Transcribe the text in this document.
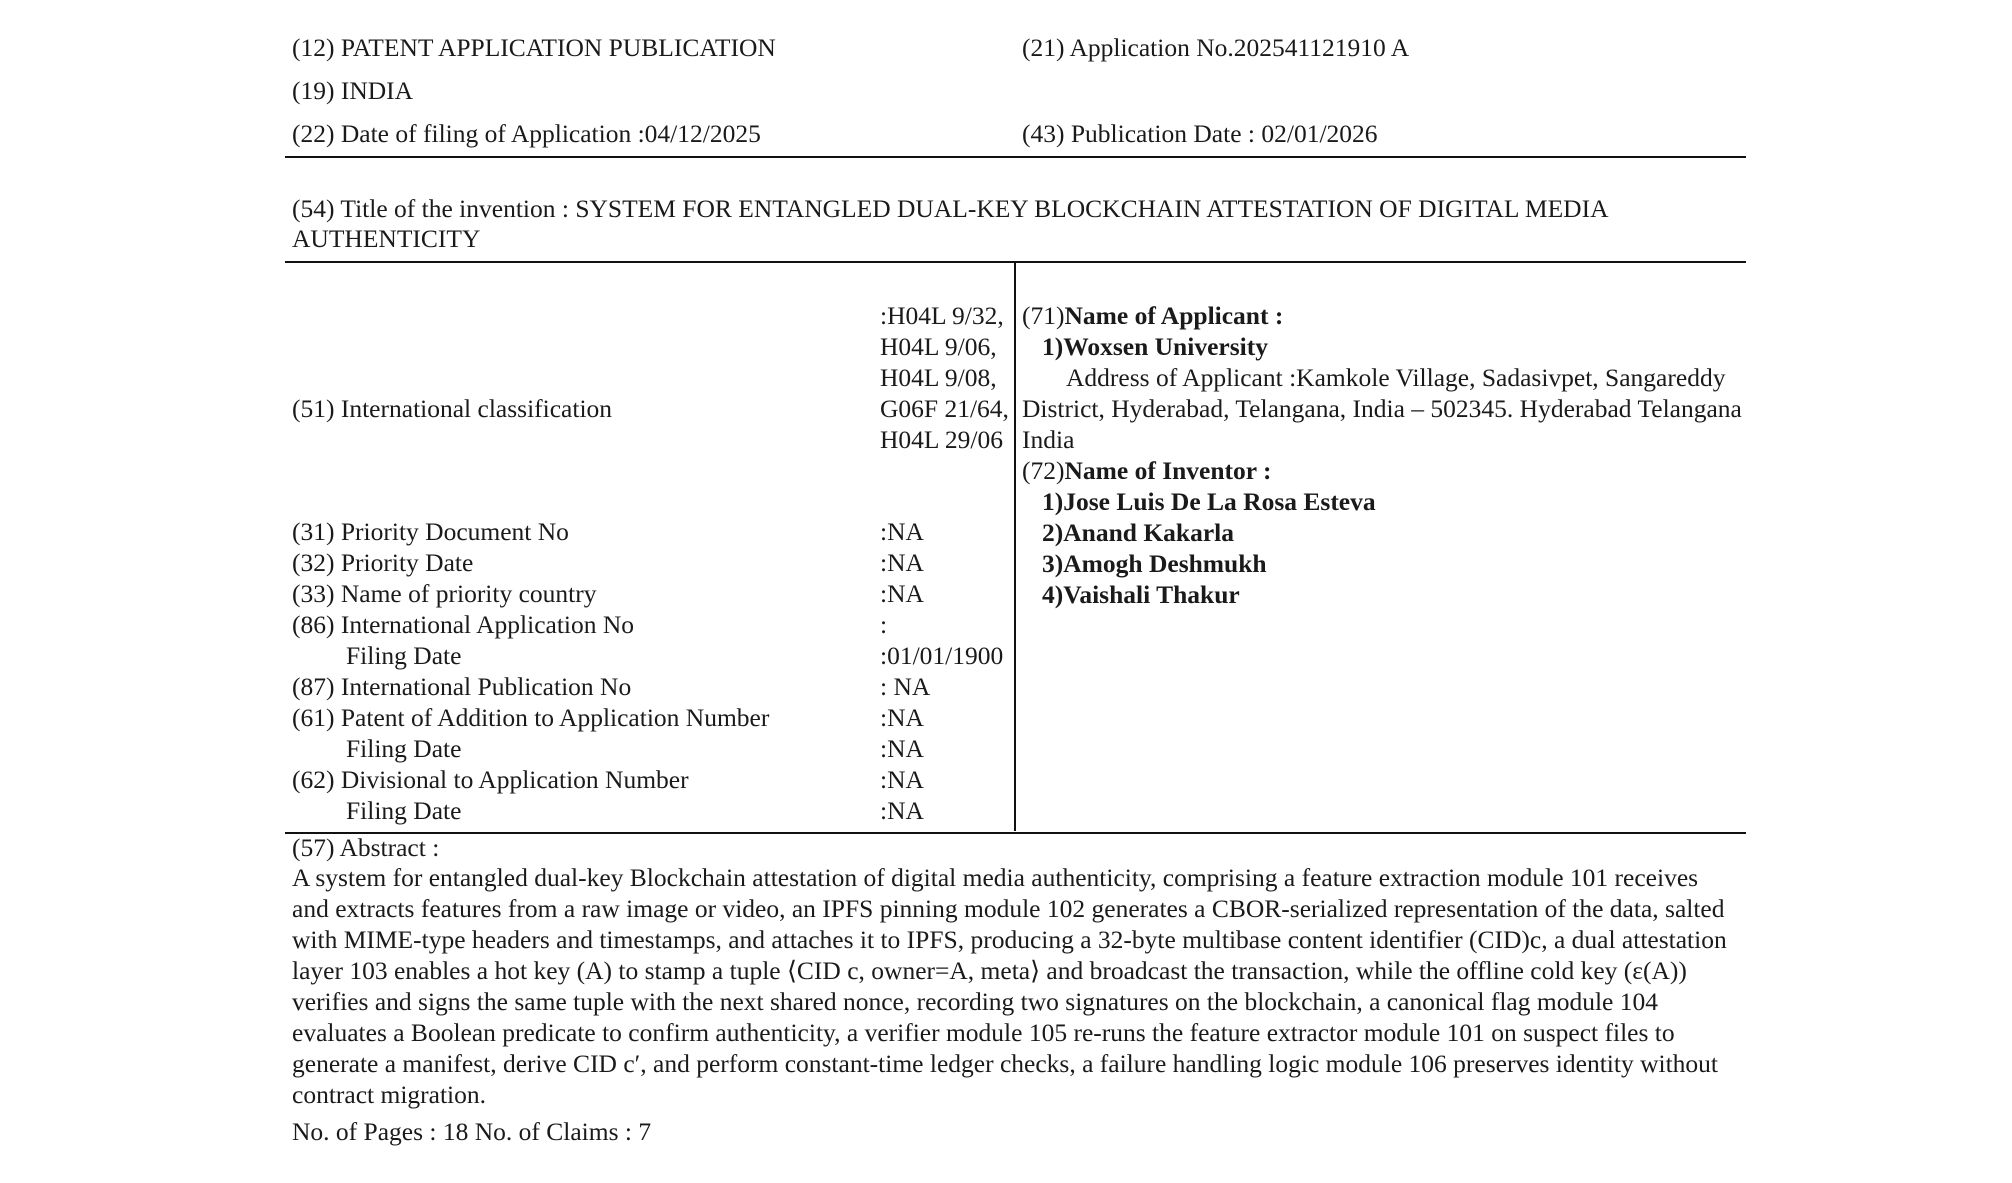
(12) PATENT APPLICATION PUBLICATION	(21) Application No.202541121910 A
(19) INDIA
(22) Date of filing of Application :04/12/2025	(43) Publication Date : 02/01/2026
(54) Title of the invention : SYSTEM FOR ENTANGLED DUAL-KEY BLOCKCHAIN ATTESTATION OF DIGITAL MEDIA AUTHENTICITY
(51) International classification
:H04L 9/32, H04L 9/06, H04L 9/08, G06F 21/64, H04L 29/06
(31) Priority Document No	:NA
(32) Priority Date	:NA
(33) Name of priority country	:NA
(86) International Application No	:
Filing Date	:01/01/1900
(87) International Publication No	: NA
(61) Patent of Addition to Application Number	:NA
Filing Date	:NA
(62) Divisional to Application Number	:NA
Filing Date	:NA
(71)Name of Applicant :
1)Woxsen University
Address of Applicant :Kamkole Village, Sadasivpet, Sangareddy District, Hyderabad, Telangana, India – 502345. Hyderabad Telangana India
(72)Name of Inventor :
1)Jose Luis De La Rosa Esteva
2)Anand Kakarla
3)Amogh Deshmukh
4)Vaishali Thakur
(57) Abstract :
A system for entangled dual-key Blockchain attestation of digital media authenticity, comprising a feature extraction module 101 receives and extracts features from a raw image or video, an IPFS pinning module 102 generates a CBOR-serialized representation of the data, salted with MIME-type headers and timestamps, and attaches it to IPFS, producing a 32-byte multibase content identifier (CID)c, a dual attestation layer 103 enables a hot key (A) to stamp a tuple ⟨CID c, owner=A, meta⟩ and broadcast the transaction, while the offline cold key (ε(A)) verifies and signs the same tuple with the next shared nonce, recording two signatures on the blockchain, a canonical flag module 104 evaluates a Boolean predicate to confirm authenticity, a verifier module 105 re-runs the feature extractor module 101 on suspect files to generate a manifest, derive CID c′, and perform constant-time ledger checks, a failure handling logic module 106 preserves identity without contract migration.
No. of Pages : 18 No. of Claims : 7
